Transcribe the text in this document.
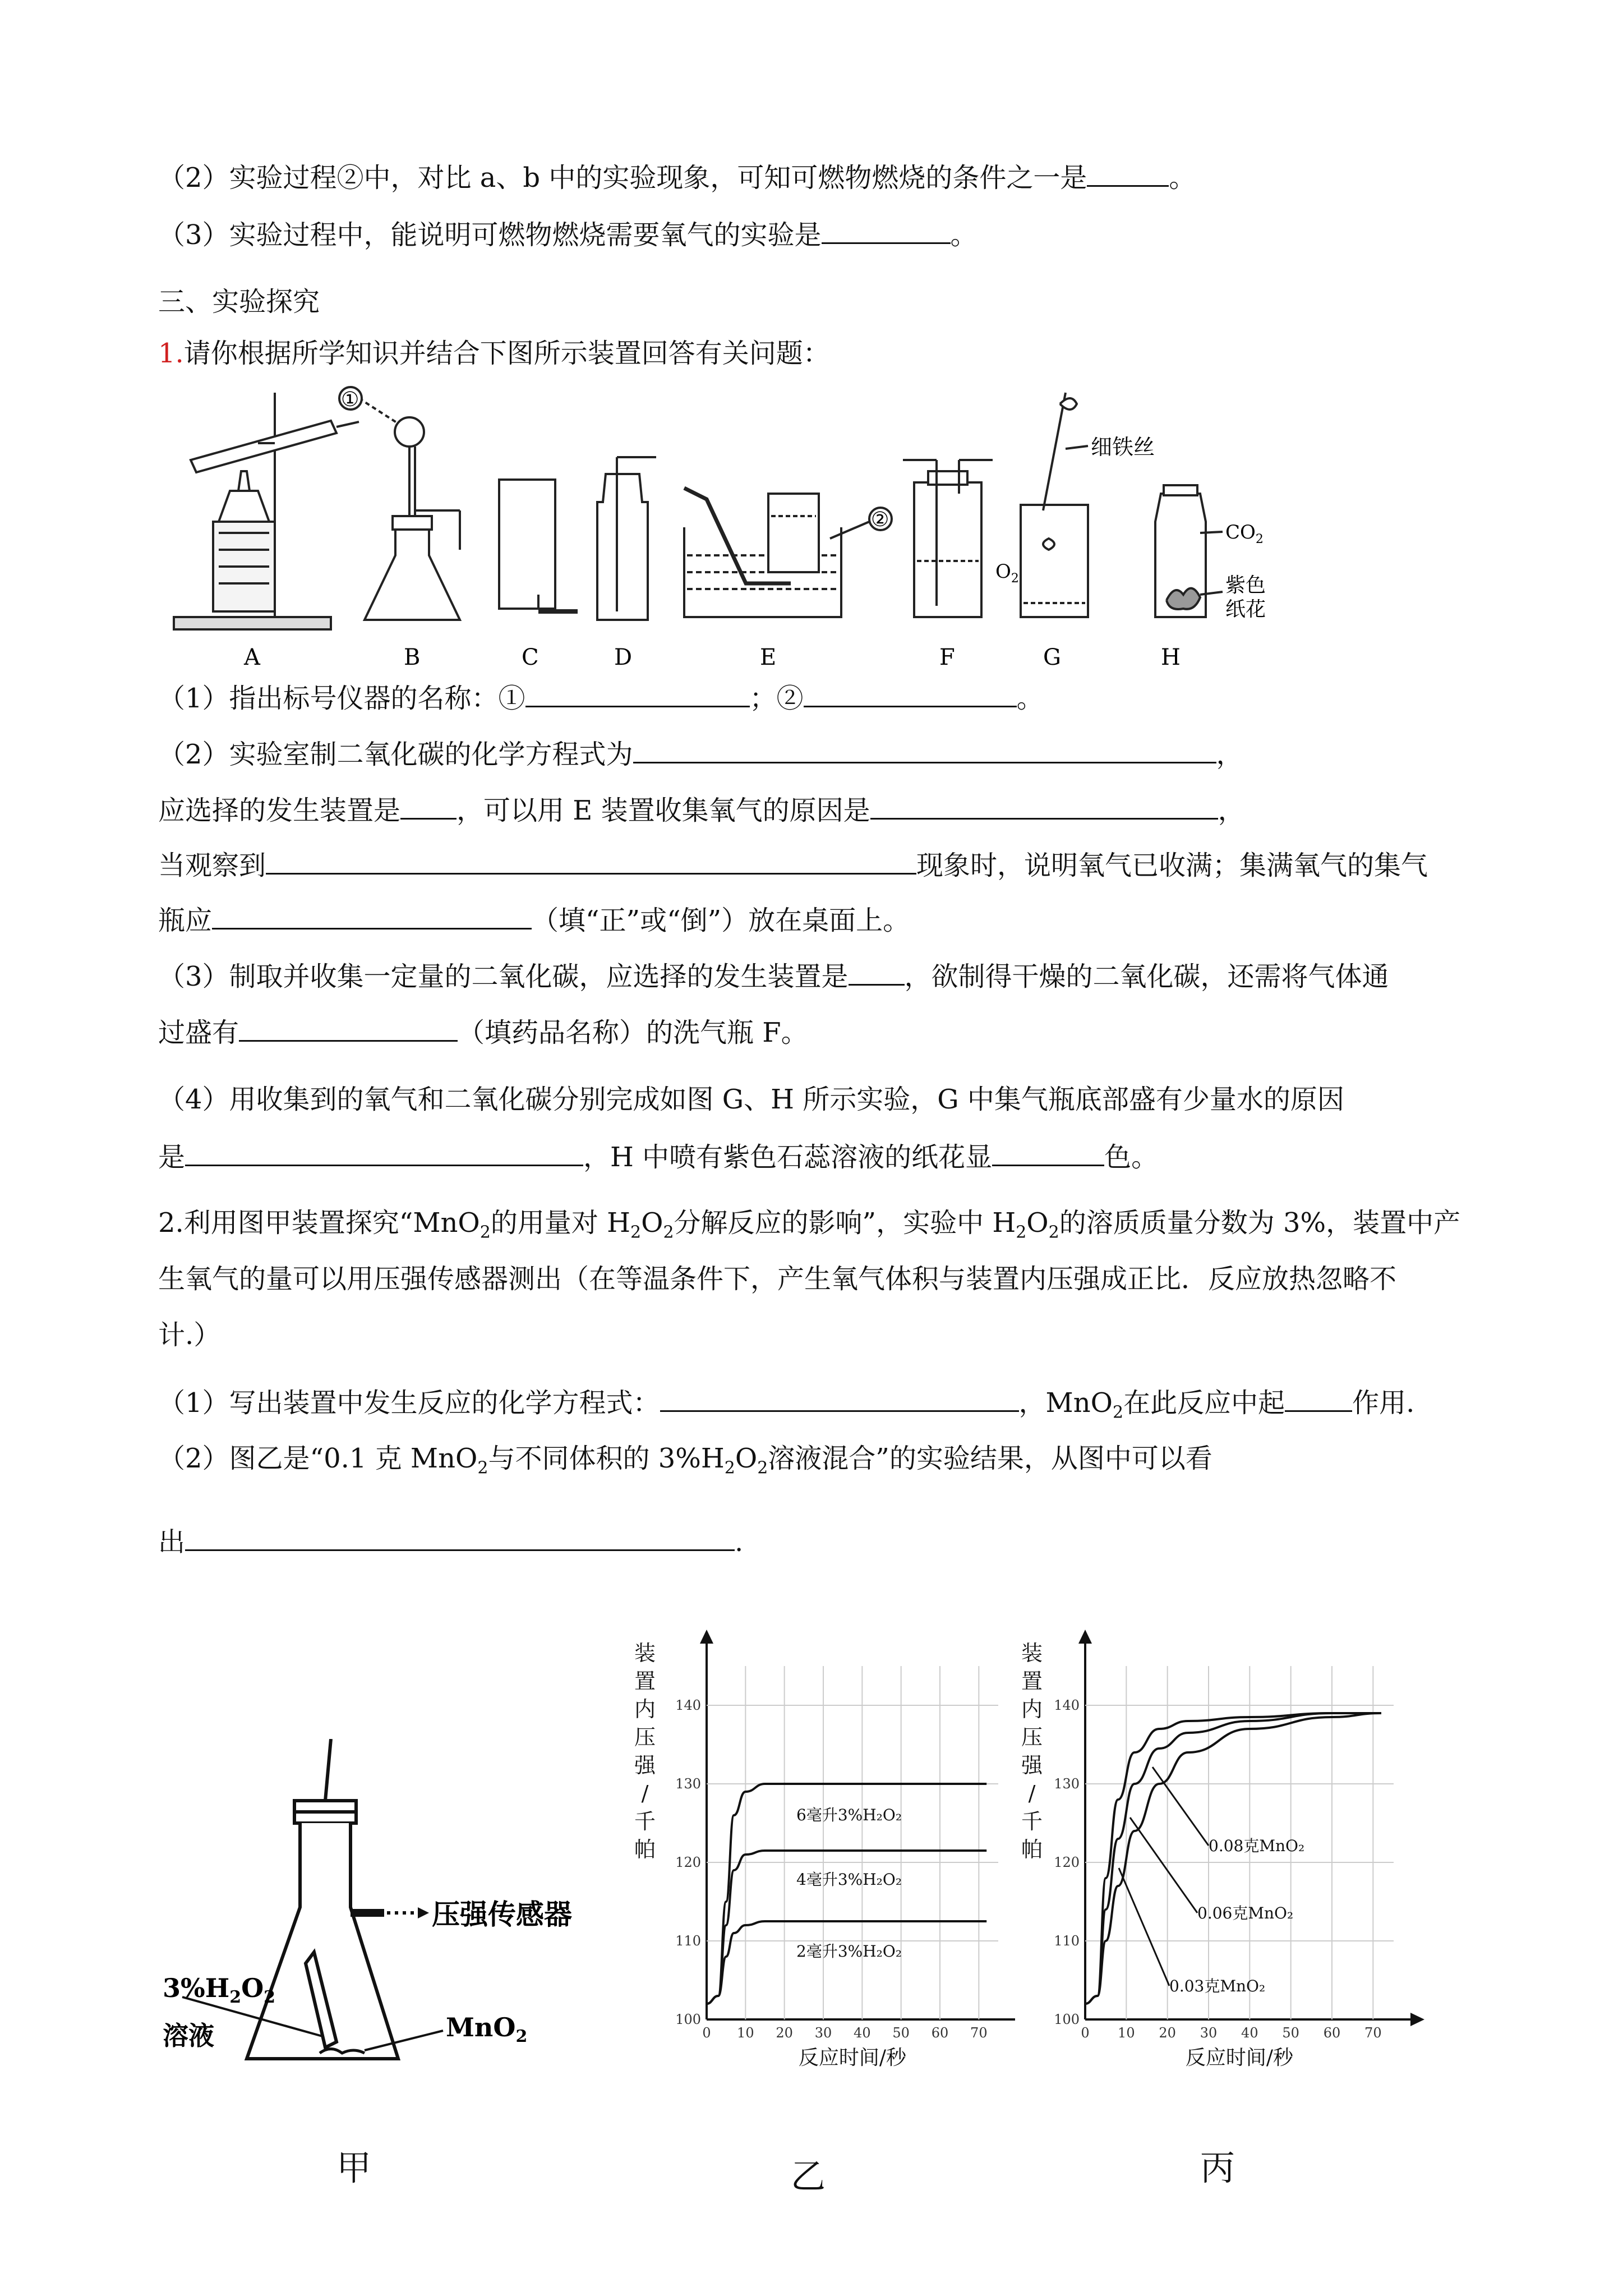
（2）实验过程②中，对比 a、b 中的实验现象，可知可燃物燃烧的条件之一是	。
（3）实验过程中，能说明可燃物燃烧需要氧气的实验是	。
三、实验探究
1.请你根据所学知识并结合下图所示装置回答有关问题：
A	B	C	D	E	F	G	H
①
②
细铁丝
$O_2$
$CO_2$
紫色
纸花
（1）指出标号仪器的名称：①	；②	。
（2）实验室制二氧化碳的化学方程式为	，
应选择的发生装置是 ，可以用 E 装置收集氧气的原因是	，
当观察到	现象时，说明氧气已收满；集满氧气的集气
瓶应	（填“正”或“倒”）放在桌面上。
（3）制取并收集一定量的二氧化碳，应选择的发生装置是 ，欲制得干燥的二氧化碳，还需将气体通
过盛有	（填药品名称）的洗气瓶 F。
（4）用收集到的氧气和二氧化碳分别完成如图 G、H 所示实验，G 中集气瓶底部盛有少量水的原因
是	，H 中喷有紫色石蕊溶液的纸花显	色。
2.利用图甲装置探究“MnO$_2$的用量对 $H_2O_2$分解反应的影响”，实验中 $H_2O_2$的溶质质量分数为 3%，装置中产
生氧气的量可以用压强传感器测出（在等温条件下，产生氧气体积与装置内压强成正比．反应放热忽略不
计.）
（1）写出装置中发生反应的化学方程式：	，MnO$_2$在此反应中起	作用.
（2）图乙是“0.1 克 MnO$_2$与不同体积的 $3\%H_2O_2$溶液混合”的实验结果，从图中可以看
出	.
压强传感器
$3\%H_2O_2$
溶液	MnO$_2$
甲
100
110
120
130
140
0 10 20 30 40 50 60 70
装
置
内
压
强
/
千
帕
反应时间/秒
6毫升3%H₂O₂
4毫升3%H₂O₂
2毫升3%H₂O₂
乙
100
110
120
130
140
0 10 20 30 40 50 60 70
装
置
内
压
强
/
千
帕
反应时间/秒
0.08克MnO₂
0.06克MnO₂
0.03克MnO₂
丙
